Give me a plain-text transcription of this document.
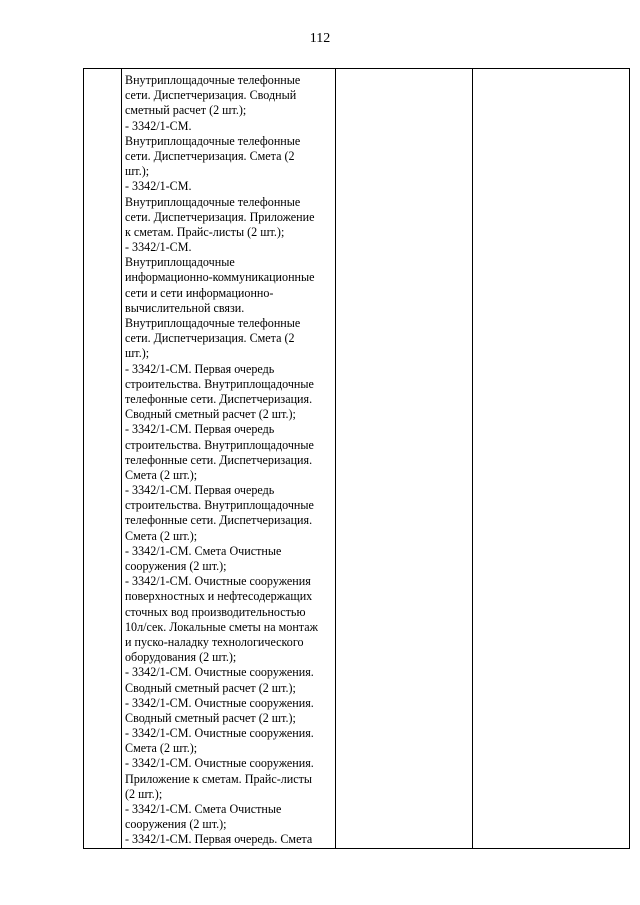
112

Внутриплощадочные телефонные
сети. Диспетчеризация. Сводный
сметный расчет (2 шт.);
- 3342/1-СМ.
Внутриплощадочные телефонные
сети. Диспетчеризация. Смета (2
шт.);
- 3342/1-СМ.
Внутриплощадочные телефонные
сети. Диспетчеризация. Приложение
к сметам. Прайс-листы (2 шт.);
- 3342/1-СМ.
Внутриплощадочные
информационно-коммуникационные
сети и сети информационно-
вычислительной связи.
Внутриплощадочные телефонные
сети. Диспетчеризация. Смета (2
шт.);
- 3342/1-СМ. Первая очередь
строительства. Внутриплощадочные
телефонные сети. Диспетчеризация.
Сводный сметный расчет (2 шт.);
- 3342/1-СМ. Первая очередь
строительства. Внутриплощадочные
телефонные сети. Диспетчеризация.
Смета (2 шт.);
- 3342/1-СМ. Первая очередь
строительства. Внутриплощадочные
телефонные сети. Диспетчеризация.
Смета (2 шт.);
- 3342/1-СМ. Смета Очистные
сооружения (2 шт.);
- 3342/1-СМ. Очистные сооружения
поверхностных и нефтесодержащих
сточных вод производительностью
10л/сек. Локальные сметы на монтаж
и пуско-наладку технологического
оборудования (2 шт.);
- 3342/1-СМ. Очистные сооружения.
Сводный сметный расчет (2 шт.);
- 3342/1-СМ. Очистные сооружения.
Сводный сметный расчет (2 шт.);
- 3342/1-СМ. Очистные сооружения.
Смета (2 шт.);
- 3342/1-СМ. Очистные сооружения.
Приложение к сметам. Прайс-листы
(2 шт.);
- 3342/1-СМ. Смета Очистные
сооружения (2 шт.);
- 3342/1-СМ. Первая очередь. Смета
